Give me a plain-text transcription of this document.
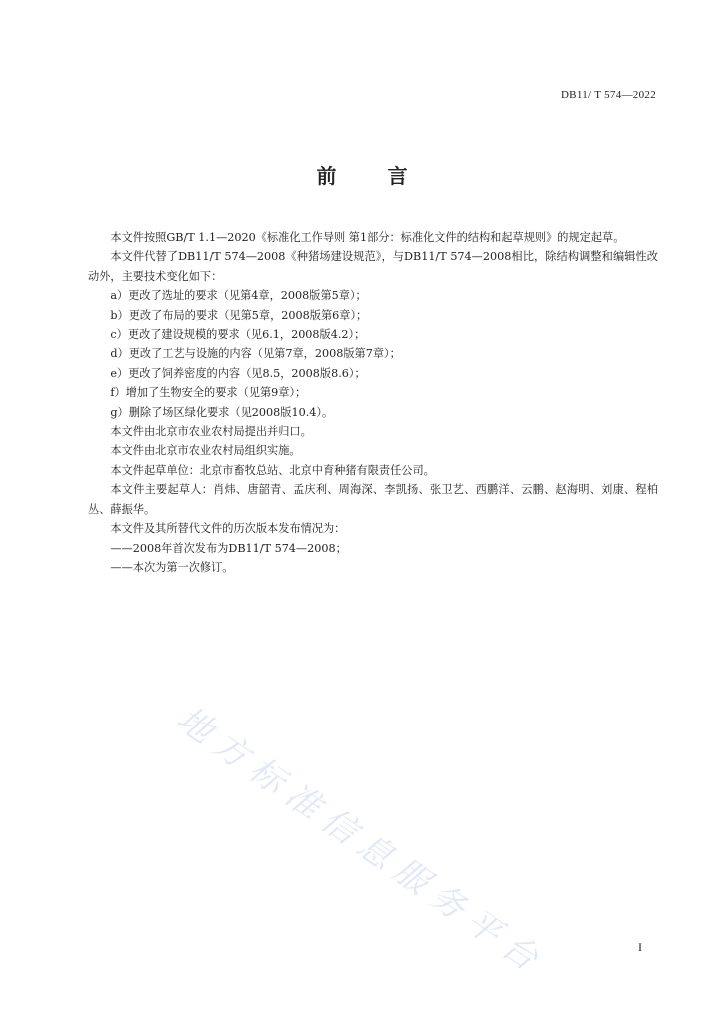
DB11/ T 574—2022
前 言

本文件按照GB/T 1.1—2020《标准化工作导则 第1部分：标准化文件的结构和起草规则》的规定起草。

本文件代替了DB11/T 574—2008《种猪场建设规范》，与DB11/T 574—2008相比，除结构调整和编辑性改动外，主要技术变化如下：

a）更改了选址的要求（见第4章，2008版第5章）；

b）更改了布局的要求（见第5章，2008版第6章）；

c）更改了建设规模的要求（见6.1，2008版4.2）；

d）更改了工艺与设施的内容（见第7章，2008版第7章）；

e）更改了饲养密度的内容（见8.5，2008版8.6）；

f）增加了生物安全的要求（见第9章）；

g）删除了场区绿化要求（见2008版10.4）。

本文件由北京市农业农村局提出并归口。

本文件由北京市农业农村局组织实施。

本文件起草单位：北京市畜牧总站、北京中育种猪有限责任公司。

本文件主要起草人：肖炜、唐韶青、孟庆利、周海深、李凯扬、张卫艺、西鹏洋、云鹏、赵海明、刘康、程柏丛、薛振华。

本文件及其所替代文件的历次版本发布情况为：

——2008年首次发布为DB11/T 574—2008；

——本次为第一次修订。

地方标准信息服务平台	I
